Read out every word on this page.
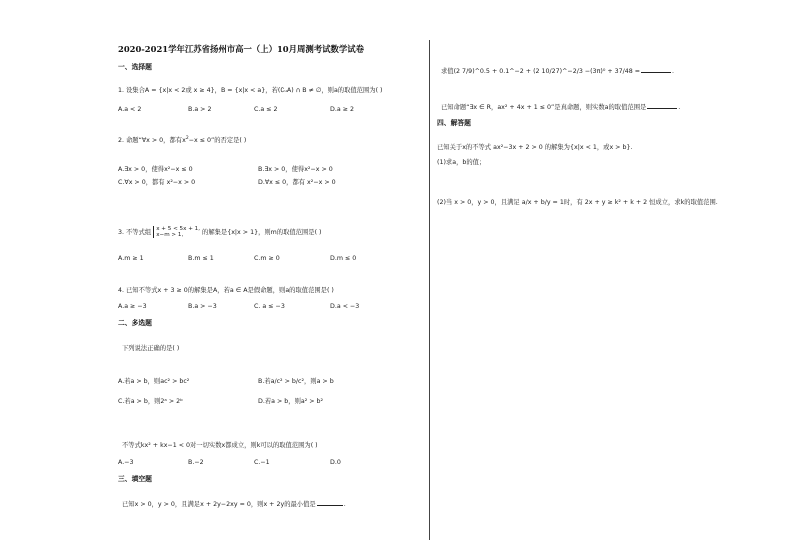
2020-2021学年江苏省扬州市高一（上）10月周测考试数学试卷
一、选择题
1. 设集合A = {x|x < 2或 x ≥ 4}，B = {x|x < a}，若(∁ᵤA) ∩ B ≠ ∅，则a的取值范围为( )
A.a < 2	B.a > 2	C.a ≤ 2	D.a ≥ 2
2. 命题“∀x > 0，都有$x^2-x \le 0$”的否定是( )
A.∃x > 0，使得x²−x ≤ 0	B.∃x > 0，使得x²−x > 0
C.∀x > 0，都有 x²−x > 0	D.∀x ≤ 0，都有 x²−x > 0
3. 不等式组
x + 5 < 5x + 1,
x−m > 1,	的解集是{x|x > 1}，则m的取值范围是( )
A.m ≥ 1	B.m ≤ 1	C.m ≥ 0	D.m ≤ 0
4. 已知不等式x + 3 ≥ 0的解集是A，若a ∈ A是假命题，则a的取值范围是( )
A.a ≥ −3	B.a > −3	C. a ≤ −3	D.a < −3
二、多选题
下列说法正确的是( )
A.若a > b，则ac² > bc²	B.若a/c² > b/c²，则a > b
C.若a > b，则2ᵃ > 2ᵇ	D.若a > b，则a² > b²
不等式kx² + kx−1 < 0对一切实数x都成立，则k可以的取值范围为( )
A.−3	B.−2	C.−1	D.0
三、填空题
已知x > 0，y > 0，且满足x + 2y−2xy = 0，则x + 2y的最小值是	.
求值(2 7/9)^0.5 + 0.1^−2 + (2 10/27)^−2/3 −(3π)⁰ + 37/48 =	.
已知命题“∃x ∈ R，ax² + 4x + 1 ≤ 0”是真命题，则实数a的取值范围是	.
四、解答题
已知关于x的不等式 ax²−3x + 2 > 0 的解集为{x|x < 1，或x > b}.
(1)求a，b的值；
(2)当 x > 0，y > 0，且满足 a/x + b/y = 1时，有 2x + y ≥ k² + k + 2 恒成立，求k的取值范围.
